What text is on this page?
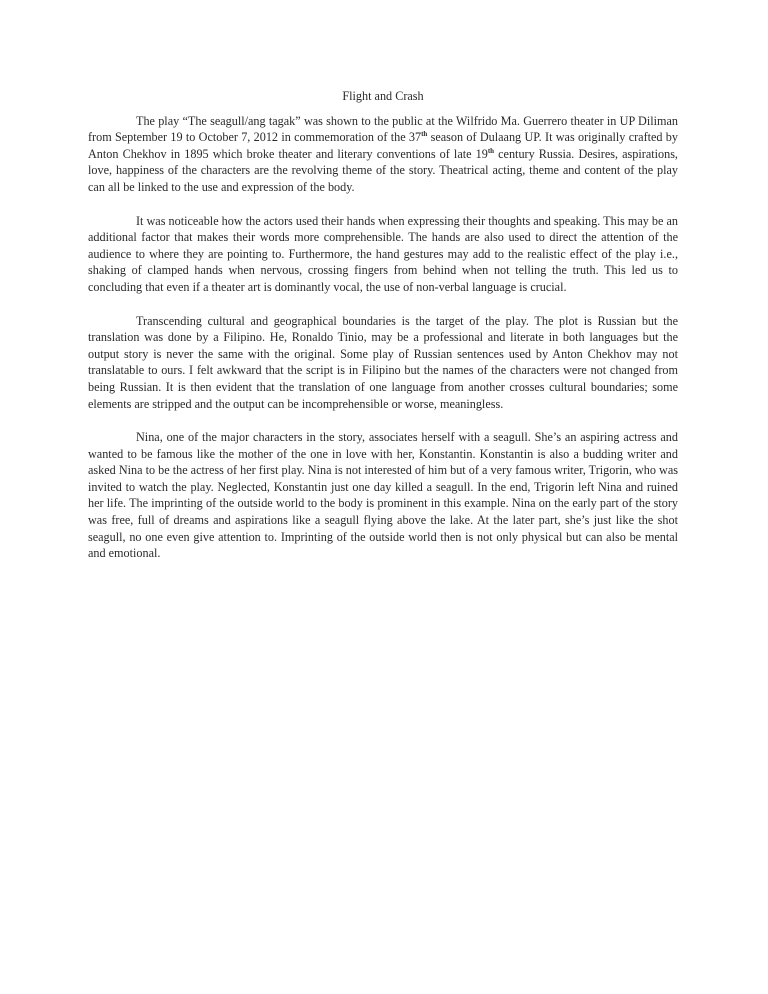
Flight and Crash

The play “The seagull/ang tagak” was shown to the public at the Wilfrido Ma. Guerrero theater in UP Diliman from September 19 to October 7, 2012 in commemoration of the 37th season of Dulaang UP. It was originally crafted by Anton Chekhov in 1895 which broke theater and literary conventions of late 19th century Russia. Desires, aspirations, love, happiness of the characters are the revolving theme of the story. Theatrical acting, theme and content of the play can all be linked to the use and expression of the body.

It was noticeable how the actors used their hands when expressing their thoughts and speaking. This may be an additional factor that makes their words more comprehensible. The hands are also used to direct the attention of the audience to where they are pointing to. Furthermore, the hand gestures may add to the realistic effect of the play i.e., shaking of clamped hands when nervous, crossing fingers from behind when not telling the truth. This led us to concluding that even if a theater art is dominantly vocal, the use of non-verbal language is crucial.

Transcending cultural and geographical boundaries is the target of the play. The plot is Russian but the translation was done by a Filipino. He, Ronaldo Tinio, may be a professional and literate in both languages but the output story is never the same with the original. Some play of Russian sentences used by Anton Chekhov may not translatable to ours. I felt awkward that the script is in Filipino but the names of the characters were not changed from being Russian. It is then evident that the translation of one language from another crosses cultural boundaries; some elements are stripped and the output can be incomprehensible or worse, meaningless.

Nina, one of the major characters in the story, associates herself with a seagull. She’s an aspiring actress and wanted to be famous like the mother of the one in love with her, Konstantin. Konstantin is also a budding writer and asked Nina to be the actress of her first play. Nina is not interested of him but of a very famous writer, Trigorin, who was invited to watch the play. Neglected, Konstantin just one day killed a seagull. In the end, Trigorin left Nina and ruined her life. The imprinting of the outside world to the body is prominent in this example. Nina on the early part of the story was free, full of dreams and aspirations like a seagull flying above the lake. At the later part, she’s just like the shot seagull, no one even give attention to. Imprinting of the outside world then is not only physical but can also be mental and emotional.
